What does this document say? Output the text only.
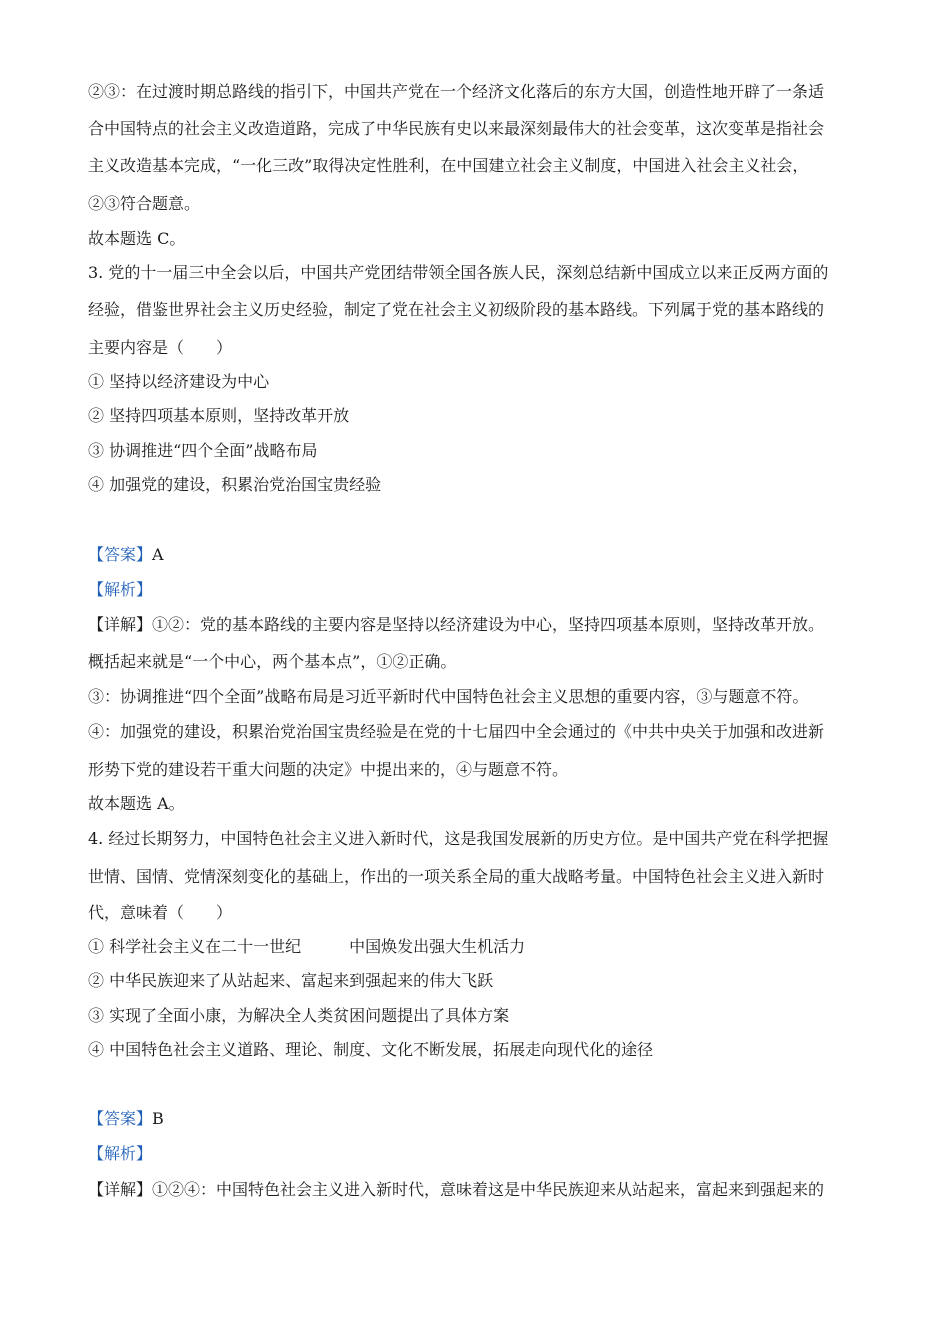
②③：在过渡时期总路线的指引下，中国共产党在一个经济文化落后的东方大国，创造性地开辟了一条适
合中国特点的社会主义改造道路，完成了中华民族有史以来最深刻最伟大的社会变革，这次变革是指社会
主义改造基本完成，“一化三改”取得决定性胜利，在中国建立社会主义制度，中国进入社会主义社会，
②③符合题意。
故本题选 C。
3. 党的十一届三中全会以后，中国共产党团结带领全国各族人民，深刻总结新中国成立以来正反两方面的
经验，借鉴世界社会主义历史经验，制定了党在社会主义初级阶段的基本路线。下列属于党的基本路线的
主要内容是（　　）
① 坚持以经济建设为中心
② 坚持四项基本原则，坚持改革开放
③ 协调推进“四个全面”战略布局
④ 加强党的建设，积累治党治国宝贵经验
【答案】A
【解析】
【详解】①②：党的基本路线的主要内容是坚持以经济建设为中心，坚持四项基本原则，坚持改革开放。
概括起来就是“一个中心，两个基本点”，①②正确。
③：协调推进“四个全面”战略布局是习近平新时代中国特色社会主义思想的重要内容，③与题意不符。
④：加强党的建设，积累治党治国宝贵经验是在党的十七届四中全会通过的《中共中央关于加强和改进新
形势下党的建设若干重大问题的决定》中提出来的，④与题意不符。
故本题选 A。
4. 经过长期努力，中国特色社会主义进入新时代，这是我国发展新的历史方位。是中国共产党在科学把握
世情、国情、党情深刻变化的基础上，作出的一项关系全局的重大战略考量。中国特色社会主义进入新时
代，意味着（　　）
① 科学社会主义在二十一世纪　　　中国焕发出强大生机活力
② 中华民族迎来了从站起来、富起来到强起来的伟大飞跃
③ 实现了全面小康，为解决全人类贫困问题提出了具体方案
④ 中国特色社会主义道路、理论、制度、文化不断发展，拓展走向现代化的途径
【答案】B
【解析】
【详解】①②④：中国特色社会主义进入新时代，意味着这是中华民族迎来从站起来，富起来到强起来的
